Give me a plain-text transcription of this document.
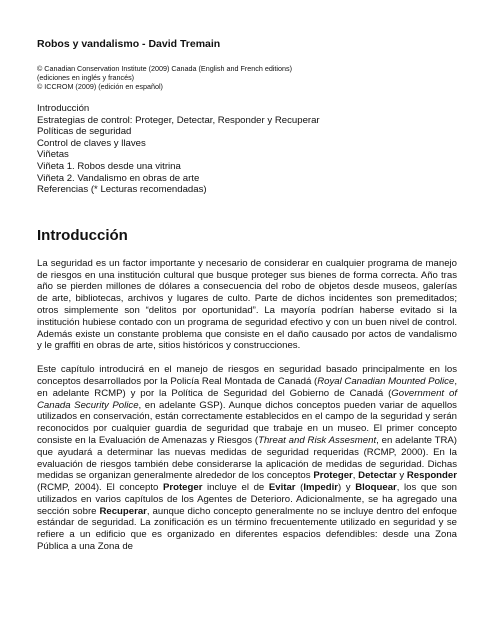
Robos y vandalismo - David Tremain
© Canadian Conservation Institute (2009) Canada (English and French editions)
(ediciones en inglés y francés)
© ICCROM (2009) (edición en español)
Introducción
Estrategias de control: Proteger, Detectar, Responder y Recuperar
Políticas de seguridad
Control de claves y llaves
Viñetas
Viñeta 1. Robos desde una vitrina
Viñeta 2. Vandalismo en obras de arte
Referencias (* Lecturas recomendadas)
Introducción

La seguridad es un factor importante y necesario de considerar en cualquier programa de manejo de riesgos en una institución cultural que busque proteger sus bienes de forma correcta. Año tras año se pierden millones de dólares a consecuencia del robo de objetos desde museos, galerías de arte, bibliotecas, archivos y lugares de culto. Parte de dichos incidentes son premeditados; otros simplemente son “delitos por oportunidad”. La mayoría podrían haberse evitado si la institución hubiese contado con un programa de seguridad efectivo y con un buen nivel de control. Además existe un constante problema que consiste en el daño causado por actos de vandalismo y le graffiti en obras de arte, sitios históricos y construcciones.

Este capítulo introducirá en el manejo de riesgos en seguridad basado principalmente en los conceptos desarrollados por la Policía Real Montada de Canadá (Royal Canadian Mounted Police, en adelante RCMP) y por la Política de Seguridad del Gobierno de Canadá (Government of Canada Security Police, en adelante GSP). Aunque dichos conceptos pueden variar de aquellos utilizados en conservación, están correctamente establecidos en el campo de la seguridad y serán reconocidos por cualquier guardia de seguridad que trabaje en un museo. El primer concepto consiste en la Evaluación de Amenazas y Riesgos (Threat and Risk Assesment, en adelante TRA) que ayudará a determinar las nuevas medidas de seguridad requeridas (RCMP, 2000). En la evaluación de riesgos también debe considerarse la aplicación de medidas de seguridad. Dichas medidas se organizan generalmente alrededor de los conceptos Proteger, Detectar y Responder (RCMP, 2004). El concepto Proteger incluye el de Evitar (Impedir) y Bloquear, los que son utilizados en varios capítulos de los Agentes de Deterioro. Adicionalmente, se ha agregado una sección sobre Recuperar, aunque dicho concepto generalmente no se incluye dentro del enfoque estándar de seguridad. La zonificación es un término frecuentemente utilizado en seguridad y se refiere a un edificio que es organizado en diferentes espacios defendibles: desde una Zona Pública a una Zona de
